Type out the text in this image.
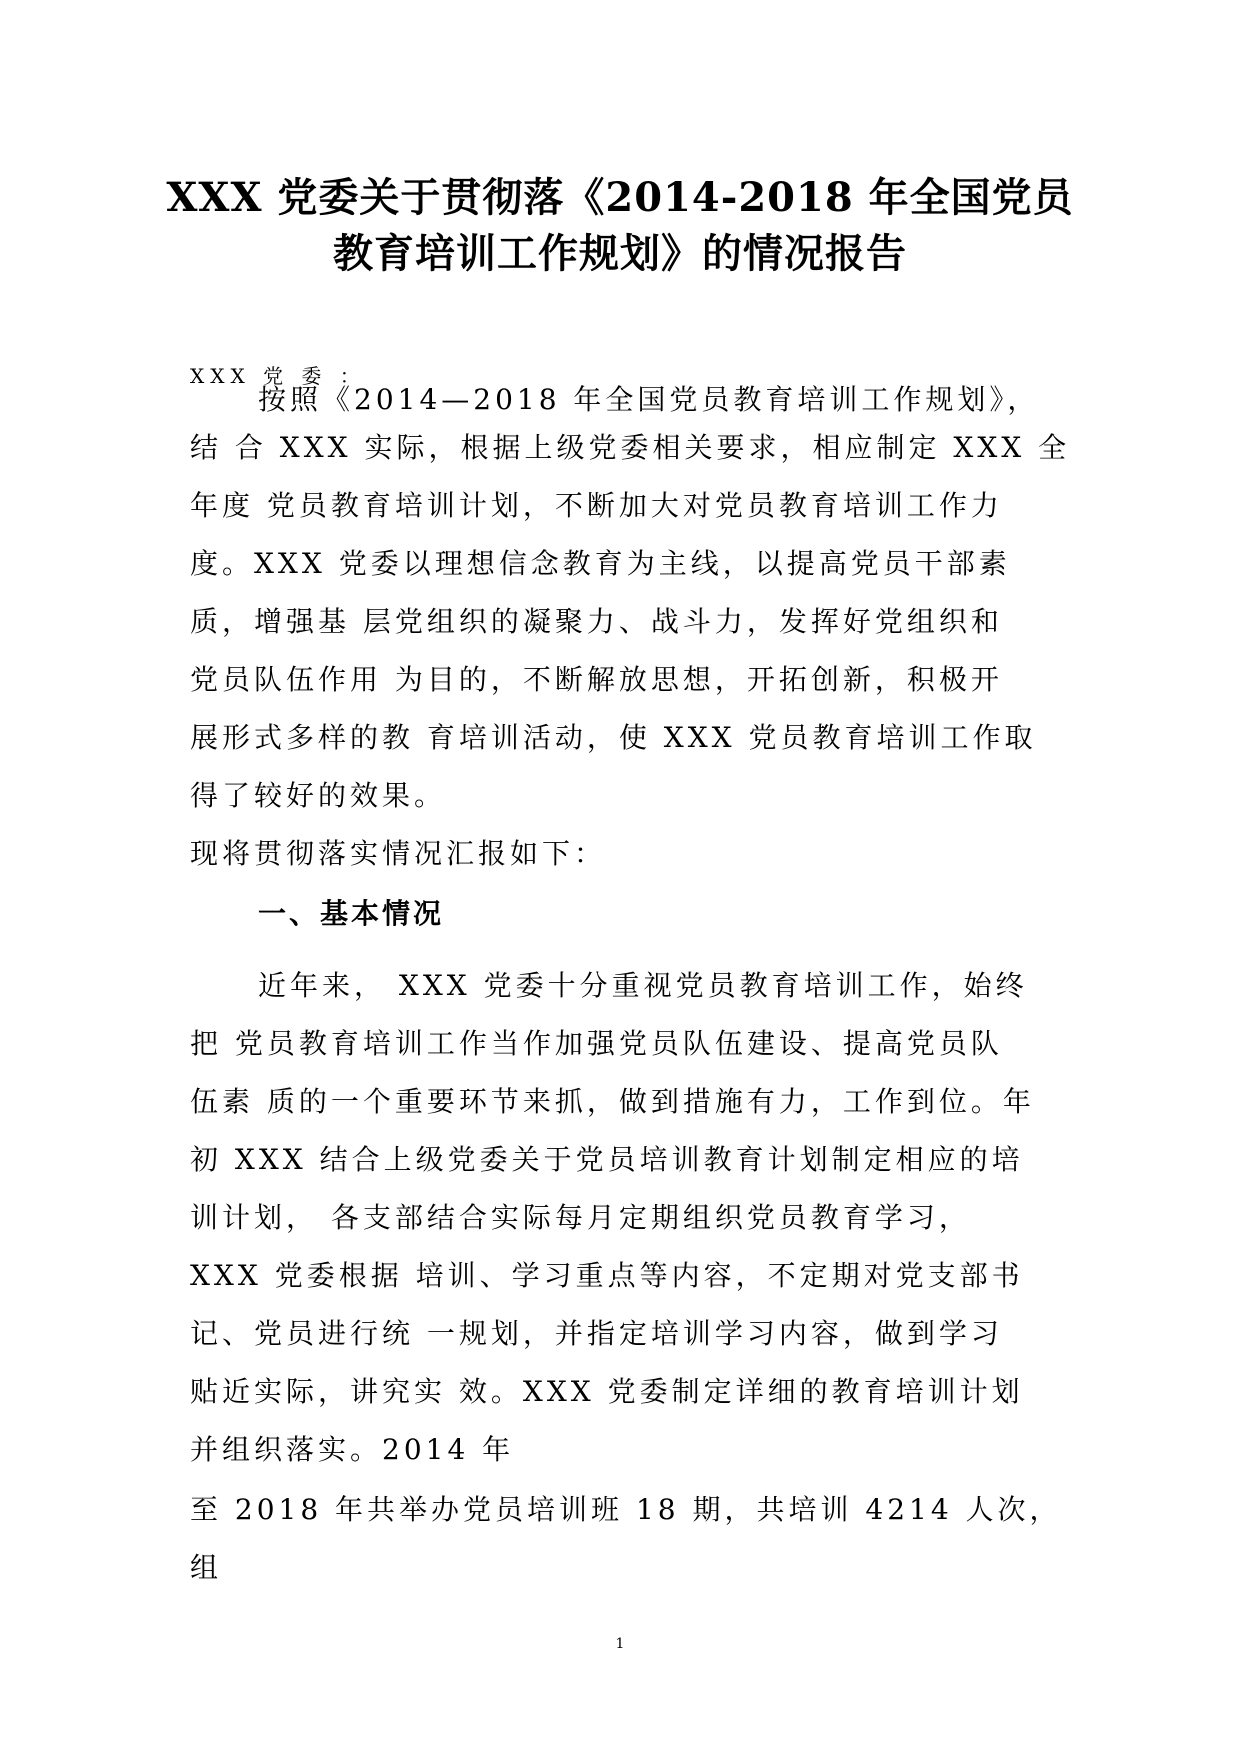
XXX 党委关于贯彻落《2014-2018 年全国党员
教育培训工作规划》的情况报告
XXX 党 委 ：
按照《2014—2018 年全国党员教育培训工作规划》，
结 合 XXX 实际，根据上级党委相关要求，相应制定 XXX 全
年度 党员教育培训计划，不断加大对党员教育培训工作力
度。XXX 党委以理想信念教育为主线，以提高党员干部素
质，增强基 层党组织的凝聚力、战斗力，发挥好党组织和
党员队伍作用 为目的，不断解放思想，开拓创新，积极开
展形式多样的教 育培训活动，使 XXX 党员教育培训工作取
得了较好的效果。
现将贯彻落实情况汇报如下：
一、基本情况
近年来， XXX 党委十分重视党员教育培训工作，始终
把 党员教育培训工作当作加强党员队伍建设、提高党员队
伍素 质的一个重要环节来抓，做到措施有力，工作到位。年
初 XXX 结合上级党委关于党员培训教育计划制定相应的培
训计划， 各支部结合实际每月定期组织党员教育学习，
XXX 党委根据 培训、学习重点等内容，不定期对党支部书
记、党员进行统 一规划，并指定培训学习内容，做到学习
贴近实际，讲究实 效。XXX 党委制定详细的教育培训计划
并组织落实。2014 年
至 2018 年共举办党员培训班 18 期，共培训 4214 人次，
组
1
